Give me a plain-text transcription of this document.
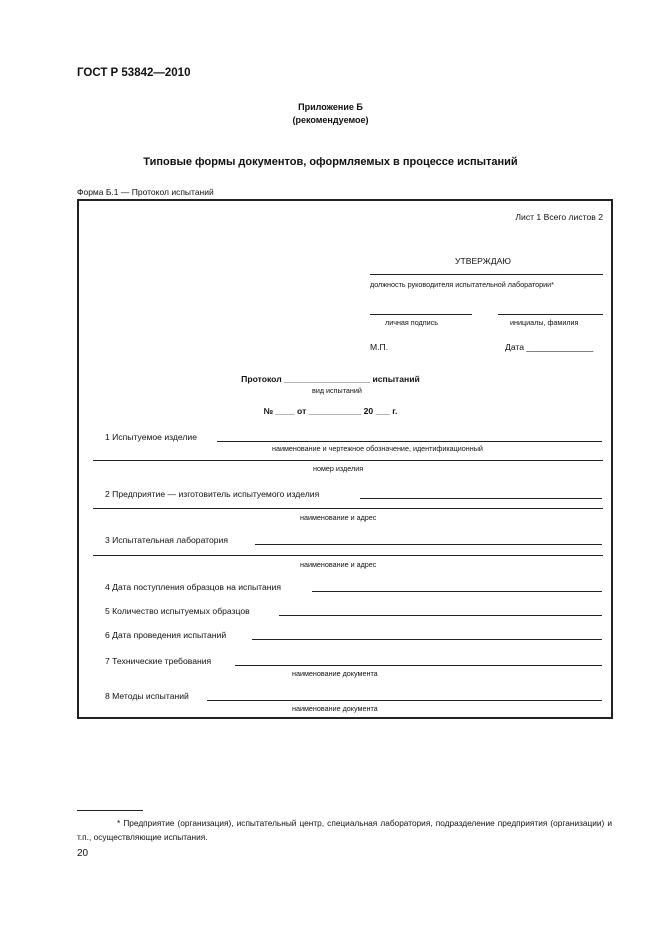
ГОСТ Р 53842—2010
Приложение Б
(рекомендуемое)
Типовые формы документов, оформляемых в процессе испытаний
Форма Б.1 — Протокол испытаний
Лист 1 Всего листов 2
УТВЕРЖДАЮ
должность руководителя испытательной лаборатории*
личная подпись	инициалы, фамилия
М.П.	Дата ______________
Протокол __________________ испытаний
вид испытаний
№ ____ от ___________ 20 ___ г.
1 Испытуемое изделие
наименование и чертежное обозначение, идентификационный
номер изделия
2 Предприятие — изготовитель испытуемого изделия
наименование и адрес
3 Испытательная лаборатория
наименование и адрес
4 Дата поступления образцов на испытания
5 Количество испытуемых образцов
6 Дата проведения испытаний
7 Технические требования
наименование документа
8 Методы испытаний
наименование документа
* Предприятие (организация), испытательный центр, специальная лаборатория, подразделение предприятия (организации) и т.п., осуществляющие испытания.
20
